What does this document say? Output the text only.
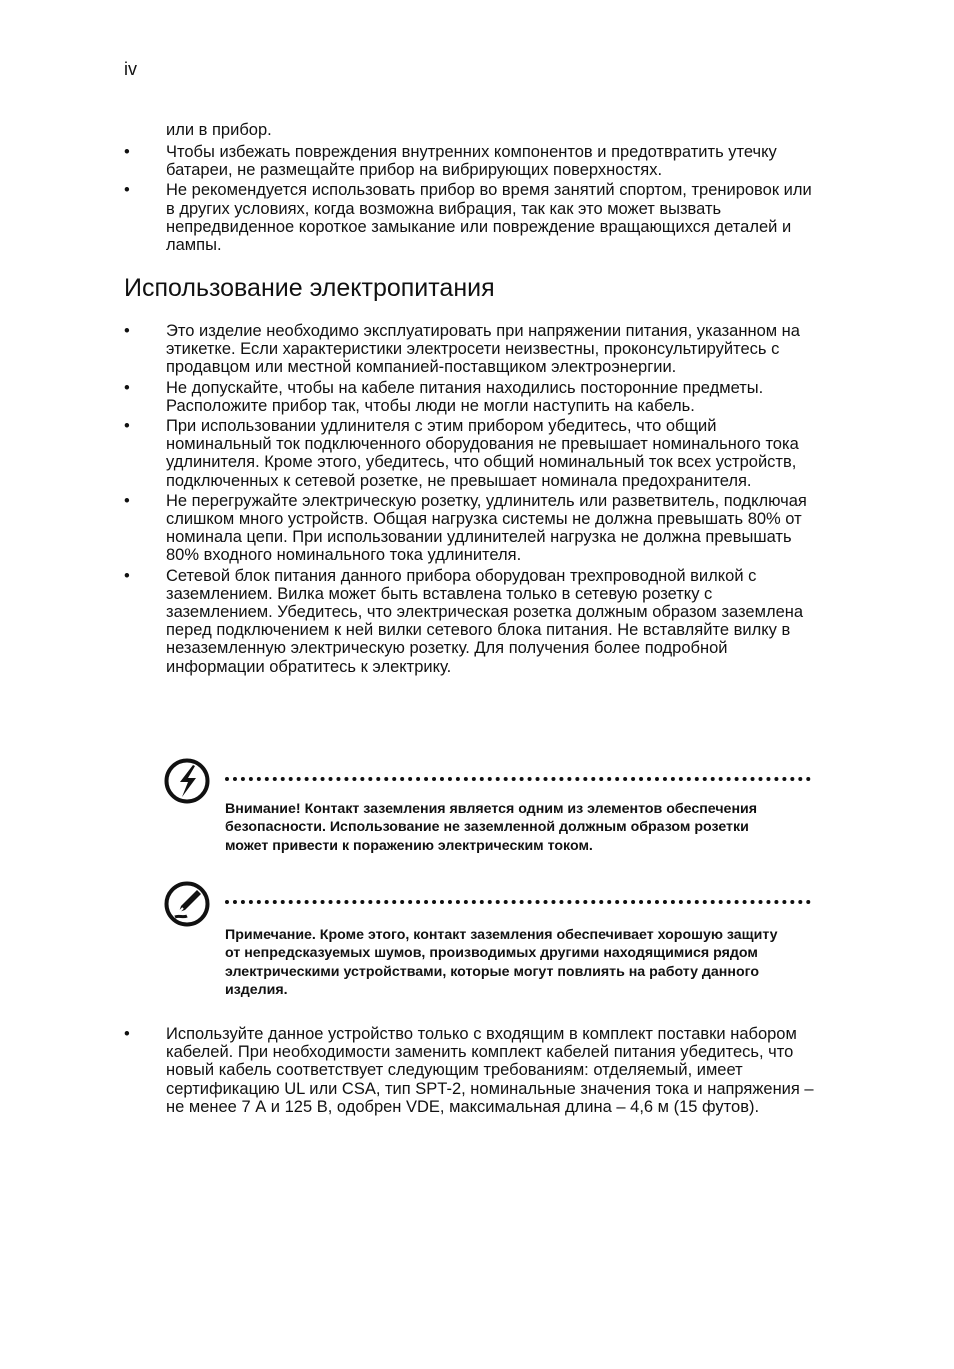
iv
или в прибор.
• Чтобы избежать повреждения внутренних компонентов и предотвратить утечку батареи, не размещайте прибор на вибрирующих поверхностях.
• Не рекомендуется использовать прибор во время занятий спортом, тренировок или в других условиях, когда возможна вибрация, так как это может вызвать непредвиденное короткое замыкание или повреждение вращающихся деталей и лампы.
Использование электропитания
• Это изделие необходимо эксплуатировать при напряжении питания, указанном на этикетке. Если характеристики электросети неизвестны, проконсультируйтесь с продавцом или местной компанией-поставщиком электроэнергии.
• Не допускайте, чтобы на кабеле питания находились посторонние предметы. Расположите прибор так, чтобы люди не могли наступить на кабель.
• При использовании удлинителя с этим прибором убедитесь, что общий номинальный ток подключенного оборудования не превышает номинального тока удлинителя. Кроме этого, убедитесь, что общий номинальный ток всех устройств, подключенных к сетевой розетке, не превышает номинала предохранителя.
• Не перегружайте электрическую розетку, удлинитель или разветвитель, подключая слишком много устройств. Общая нагрузка системы не должна превышать 80% от номинала цепи. При использовании удлинителей нагрузка не должна превышать 80% входного номинального тока удлинителя.
• Сетевой блок питания данного прибора оборудован трехпроводной вилкой с заземлением. Вилка может быть вставлена только в сетевую розетку с заземлением. Убедитесь, что электрическая розетка должным образом заземлена перед подключением к ней вилки сетевого блока питания. Не вставляйте вилку в незаземленную электрическую розетку. Для получения более подробной информации обратитесь к электрику.
Внимание! Контакт заземления является одним из элементов обеспечения безопасности. Использование не заземленной должным образом розетки может привести к поражению электрическим током.
Примечание. Кроме этого, контакт заземления обеспечивает хорошую защиту от непредсказуемых шумов, производимых другими находящимися рядом электрическими устройствами, которые могут повлиять на работу данного изделия.
• Используйте данное устройство только с входящим в комплект поставки набором кабелей. При необходимости заменить комплект кабелей питания убедитесь, что новый кабель соответствует следующим требованиям: отделяемый, имеет сертификацию UL или CSA, тип SPT-2, номинальные значения тока и напряжения – не менее 7 А и 125 В, одобрен VDE, максимальная длина – 4,6 м (15 футов).
